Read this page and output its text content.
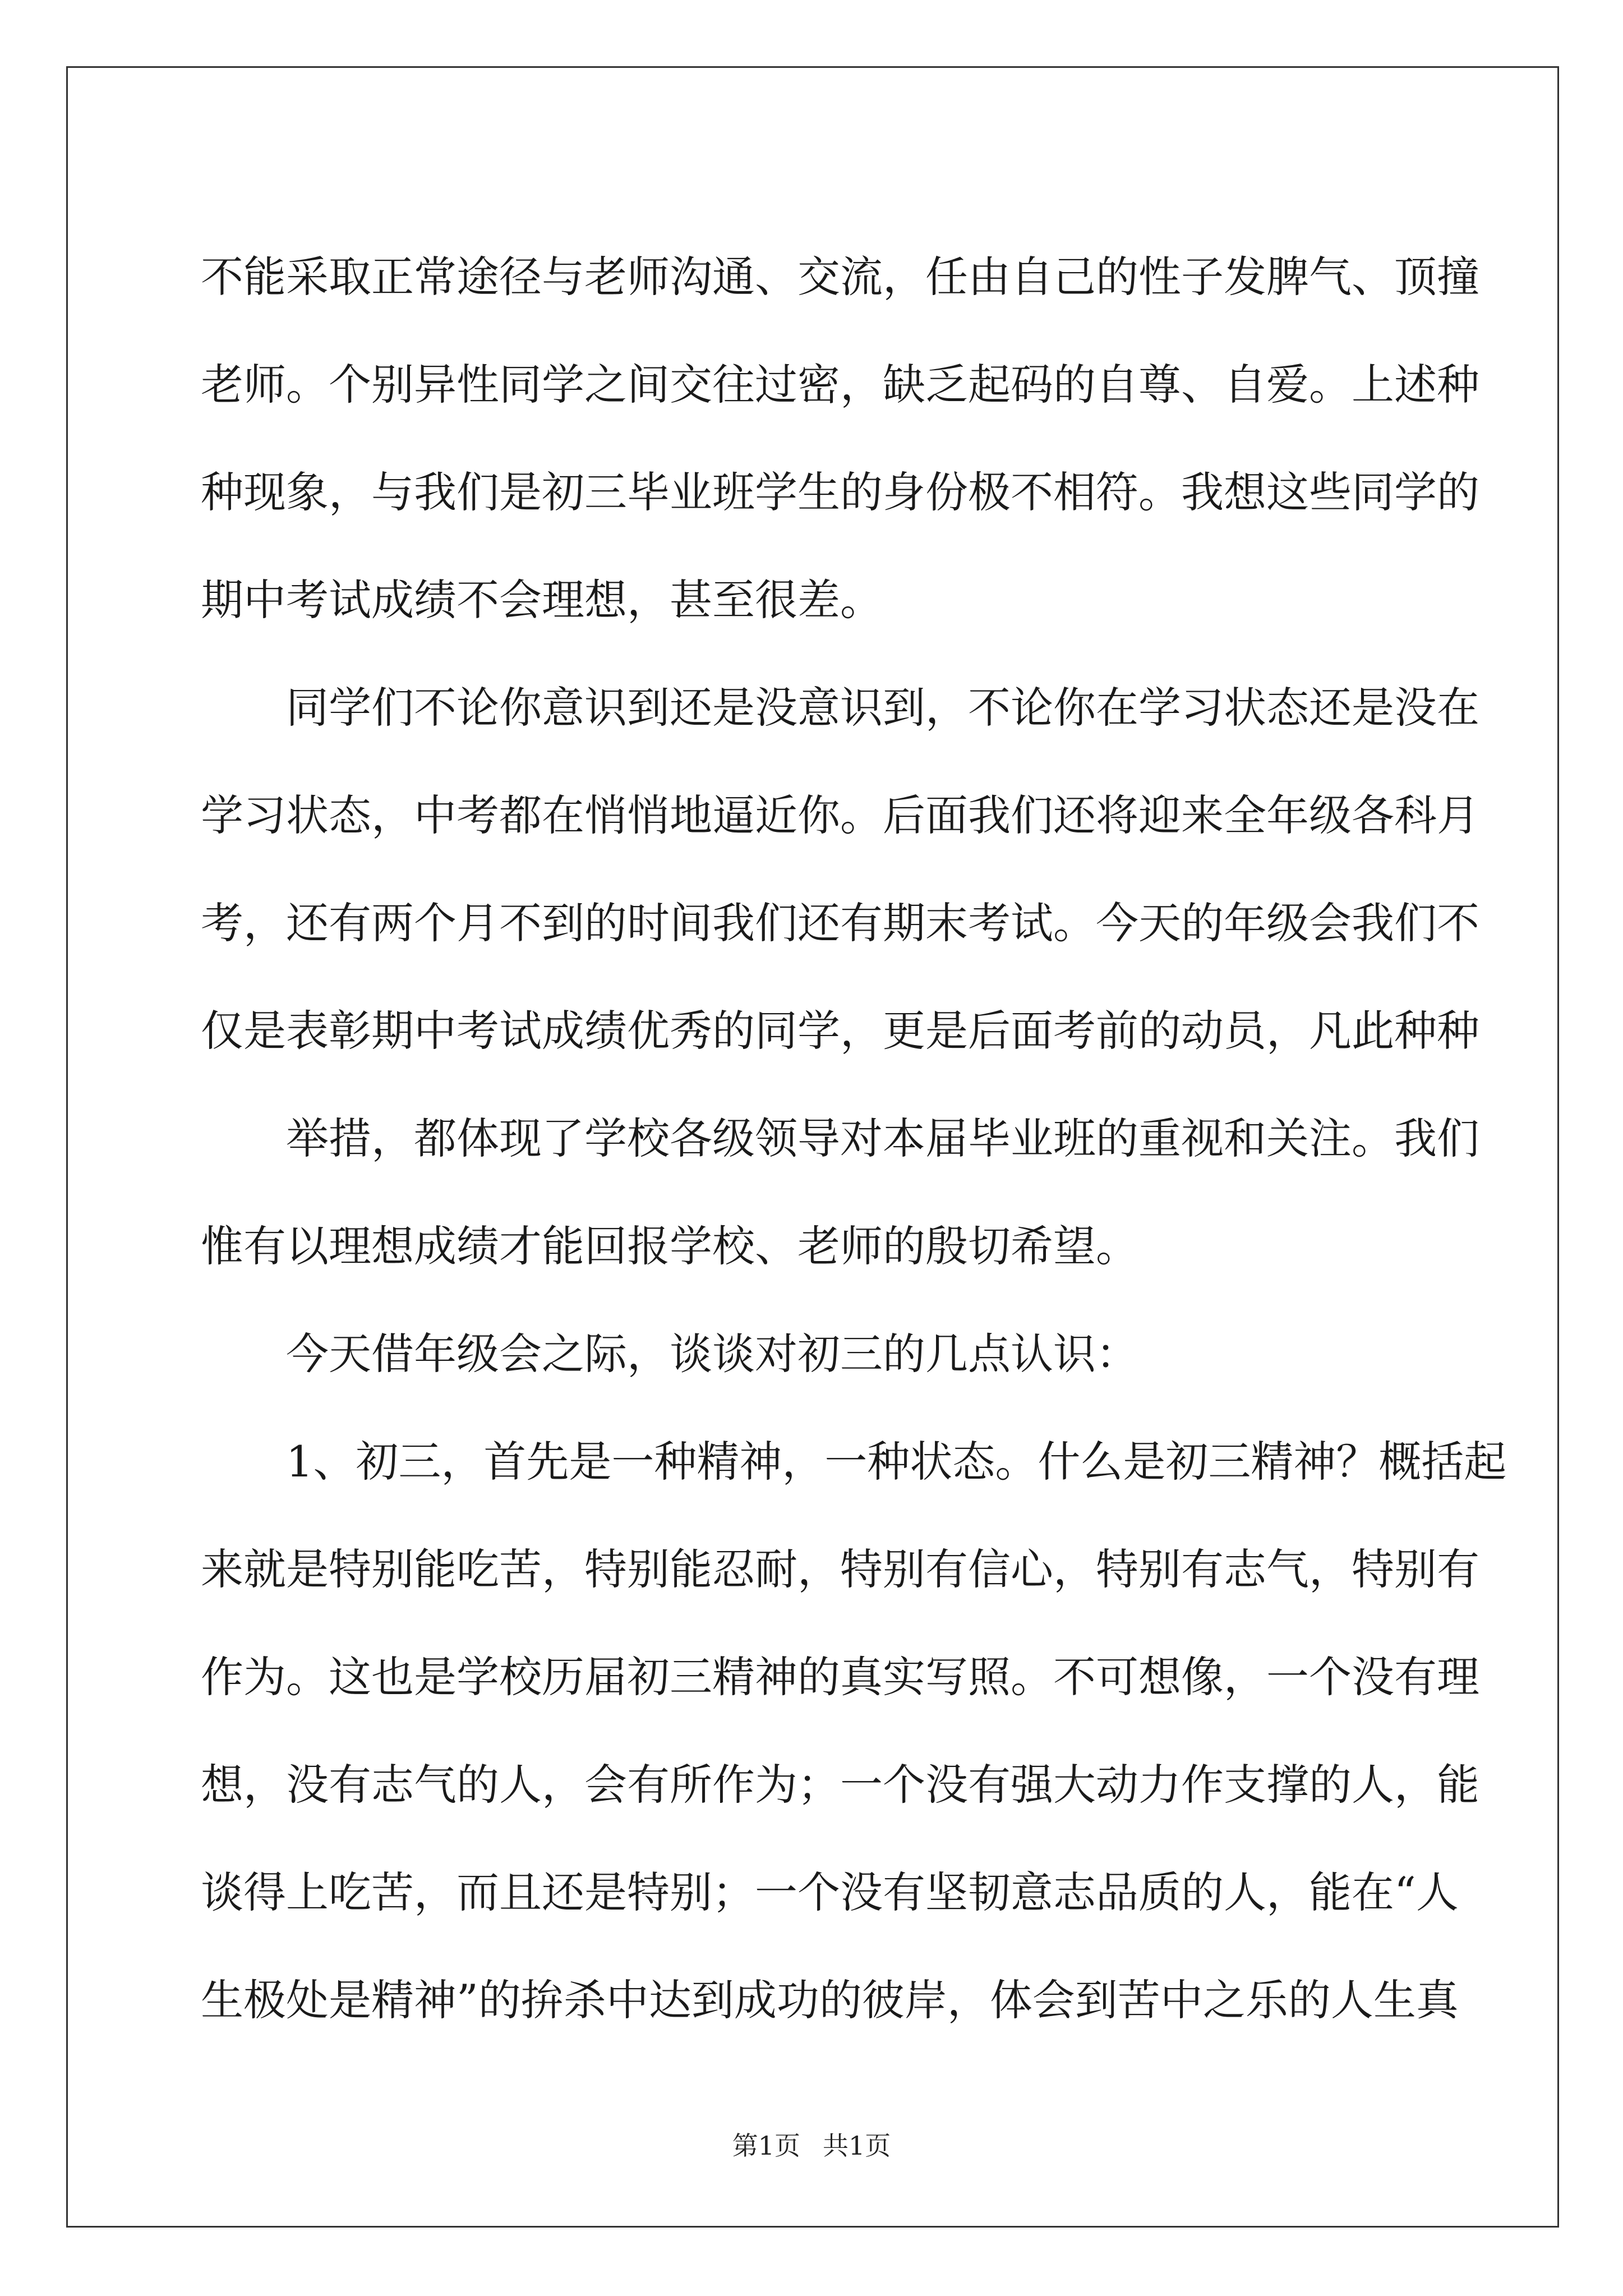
不能采取正常途径与老师沟通、交流，任由自己的性子发脾气、顶撞
老师。个别异性同学之间交往过密，缺乏起码的自尊、自爱。上述种
种现象，与我们是初三毕业班学生的身份极不相符。我想这些同学的
期中考试成绩不会理想，甚至很差。
同学们不论你意识到还是没意识到，不论你在学习状态还是没在
学习状态，中考都在悄悄地逼近你。后面我们还将迎来全年级各科月
考，还有两个月不到的时间我们还有期末考试。今天的年级会我们不
仅是表彰期中考试成绩优秀的同学，更是后面考前的动员，凡此种种
举措，都体现了学校各级领导对本届毕业班的重视和关注。我们
惟有以理想成绩才能回报学校、老师的殷切希望。
今天借年级会之际，谈谈对初三的几点认识：
1、初三，首先是一种精神，一种状态。什么是初三精神？概括起
来就是特别能吃苦，特别能忍耐，特别有信心，特别有志气，特别有
作为。这也是学校历届初三精神的真实写照。不可想像，一个没有理
想，没有志气的人，会有所作为；一个没有强大动力作支撑的人，能
谈得上吃苦，而且还是特别；一个没有坚韧意志品质的人，能在“人
生极处是精神”的拚杀中达到成功的彼岸，体会到苦中之乐的人生真
第1页 共1页
